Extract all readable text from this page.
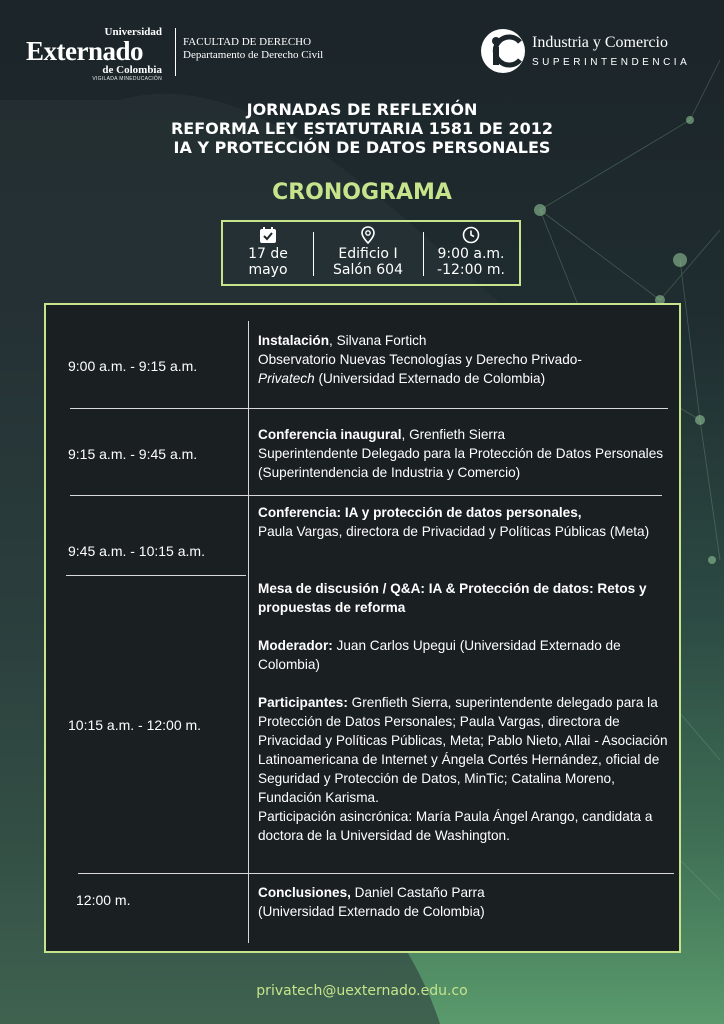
Universidad
Externado
de Colombia
VIGILADA MINEDUCACIÓN
FACULTAD DE DERECHO
Departamento de Derecho Civil
Industria y Comercio
SUPERINTENDENCIA
JORNADAS DE REFLEXIÓN
REFORMA LEY ESTATUTARIA 1581 DE 2012
IA Y PROTECCIÓN DE DATOS PERSONALES
CRONOGRAMA
17 de
mayo
Edificio I
Salón 604
9:00 a.m.
-12:00 m.
9:00 a.m. - 9:15 a.m.
Instalación, Silvana Fortich
Observatorio Nuevas Tecnologías y Derecho Privado-
Privatech (Universidad Externado de Colombia)
9:15 a.m. - 9:45 a.m.
Conferencia inaugural, Grenfieth Sierra
Superintendente Delegado para la Protección de Datos Personales (Superintendencia de Industria y Comercio)
9:45 a.m. - 10:15 a.m.
Conferencia: IA y protección de datos personales,
Paula Vargas, directora de Privacidad y Políticas Públicas (Meta)
10:15 a.m. - 12:00 m.
Mesa de discusión / Q&A: IA & Protección de datos: Retos y propuestas de reforma

Moderador: Juan Carlos Upegui (Universidad Externado de Colombia)

Participantes: Grenfieth Sierra, superintendente delegado para la Protección de Datos Personales; Paula Vargas, directora de Privacidad y Políticas Públicas, Meta; Pablo Nieto, Allai - Asociación Latinoamericana de Internet y Ángela Cortés Hernández, oficial de Seguridad y Protección de Datos, MinTic; Catalina Moreno, Fundación Karisma.
Participación asincrónica: María Paula Ángel Arango, candidata a doctora de la Universidad de Washington.
12:00 m.	Conclusiones, Daniel Castaño Parra
(Universidad Externado de Colombia)
privatech@uexternado.edu.co
